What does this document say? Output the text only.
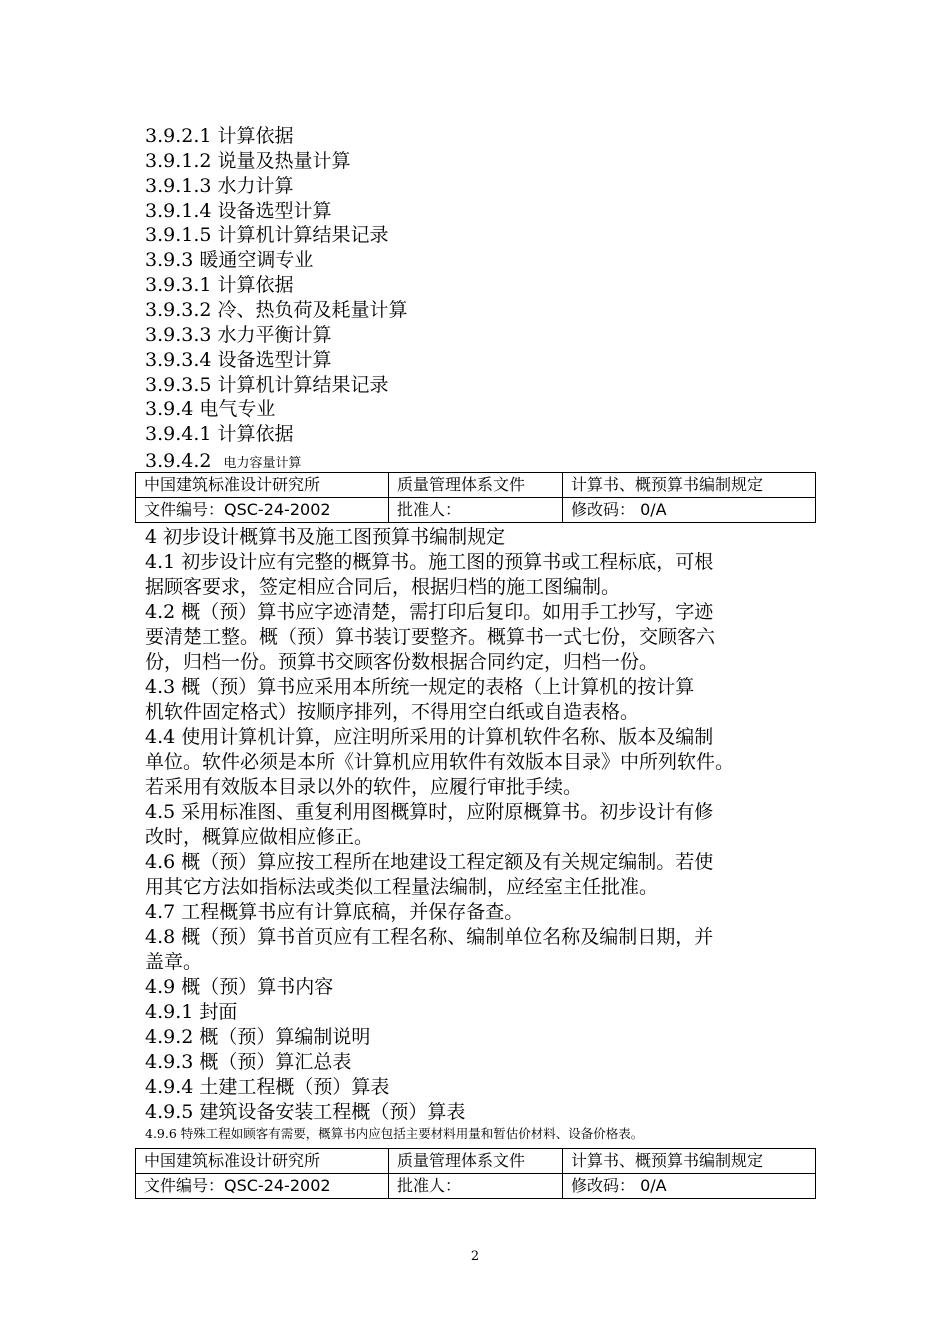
3.9.2.1 计算依据
3.9.1.2 说量及热量计算
3.9.1.3 水力计算
3.9.1.4 设备选型计算
3.9.1.5 计算机计算结果记录
3.9.3 暖通空调专业
3.9.3.1 计算依据
3.9.3.2 冷、热负荷及耗量计算
3.9.3.3 水力平衡计算
3.9.3.4 设备选型计算
3.9.3.5 计算机计算结果记录
3.9.4 电气专业
3.9.4.1 计算依据
3.9.4.2 电力容量计算
中国建筑标准设计研究所	质量管理体系文件	计算书、概预算书编制规定
文件编号：QSC-24-2002	批准人：	修改码： 0/A
4 初步设计概算书及施工图预算书编制规定
4.1 初步设计应有完整的概算书。施工图的预算书或工程标底，可根
据顾客要求，签定相应合同后，根据归档的施工图编制。
4.2 概（预）算书应字迹清楚，需打印后复印。如用手工抄写，字迹
要清楚工整。概（预）算书装订要整齐。概算书一式七份，交顾客六
份，归档一份。预算书交顾客份数根据合同约定，归档一份。
4.3 概（预）算书应采用本所统一规定的表格（上计算机的按计算
机软件固定格式）按顺序排列，不得用空白纸或自造表格。
4.4 使用计算机计算，应注明所采用的计算机软件名称、版本及编制
单位。软件必须是本所《计算机应用软件有效版本目录》中所列软件。
若采用有效版本目录以外的软件，应履行审批手续。
4.5 采用标准图、重复利用图概算时，应附原概算书。初步设计有修
改时，概算应做相应修正。
4.6 概（预）算应按工程所在地建设工程定额及有关规定编制。若使
用其它方法如指标法或类似工程量法编制，应经室主任批准。
4.7 工程概算书应有计算底稿，并保存备查。
4.8 概（预）算书首页应有工程名称、编制单位名称及编制日期，并
盖章。
4.9 概（预）算书内容
4.9.1 封面
4.9.2 概（预）算编制说明
4.9.3 概（预）算汇总表
4.9.4 土建工程概（预）算表
4.9.5 建筑设备安装工程概（预）算表
4.9.6 特殊工程如顾客有需要，概算书内应包括主要材料用量和暂估价材料、设备价格表。
中国建筑标准设计研究所	质量管理体系文件	计算书、概预算书编制规定
文件编号：QSC-24-2002	批准人：	修改码： 0/A
2
